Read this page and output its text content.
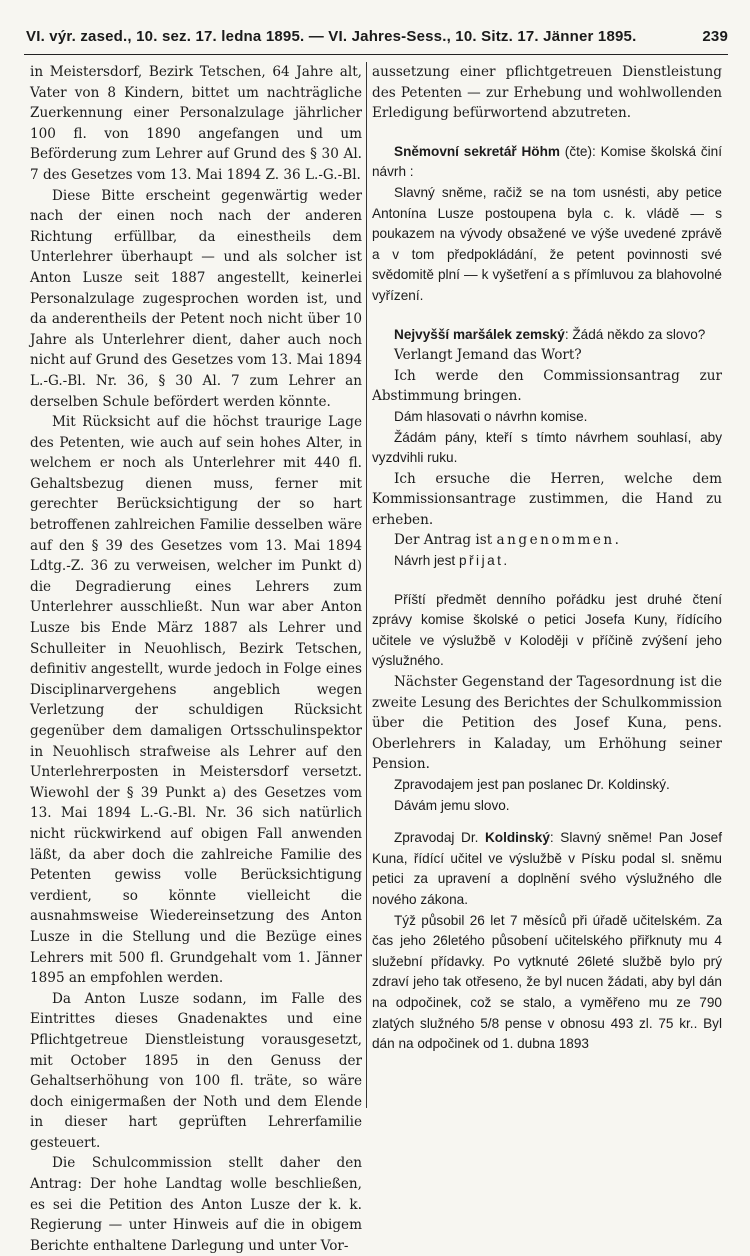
VI. výr. zased., 10. sez. 17. ledna 1895. — VI. Jahres-Sess., 10. Sitz. 17. Jänner 1895.	239

in Meistersdorf, Bezirk Tetschen, 64 Jahre alt, Vater von 8 Kindern, bittet um nachträgliche Zuerkennung einer Personalzulage jährlicher 100 fl. von 1890 angefangen und um Beförderung zum Lehrer auf Grund des § 30 Al. 7 des Gesetzes vom 13. Mai 1894 Z. 36 L.-G.-Bl.

Diese Bitte erscheint gegenwärtig weder nach der einen noch nach der anderen Richtung erfüllbar, da einestheils dem Unterlehrer überhaupt — und als solcher ist Anton Lusze seit 1887 angestellt, keinerlei Personalzulage zugesprochen worden ist, und da anderentheils der Petent noch nicht über 10 Jahre als Unterlehrer dient, daher auch noch nicht auf Grund des Gesetzes vom 13. Mai 1894 L.-G.-Bl. Nr. 36, § 30 Al. 7 zum Lehrer an derselben Schule befördert werden könnte.

Mit Rücksicht auf die höchst traurige Lage des Petenten, wie auch auf sein hohes Alter, in welchem er noch als Unterlehrer mit 440 fl. Gehaltsbezug dienen muss, ferner mit gerechter Berücksichtigung der so hart betroffenen zahlreichen Familie desselben wäre auf den § 39 des Gesetzes vom 13. Mai 1894 Ldtg.-Z. 36 zu verweisen, welcher im Punkt d) die Degradierung eines Lehrers zum Unterlehrer ausschließt. Nun war aber Anton Lusze bis Ende März 1887 als Lehrer und Schulleiter in Neuohlisch, Bezirk Tetschen, definitiv angestellt, wurde jedoch in Folge eines Disciplinarvergehens angeblich wegen Verletzung der schuldigen Rücksicht gegenüber dem damaligen Ortsschulinspektor in Neuohlisch strafweise als Lehrer auf den Unterlehrerposten in Meistersdorf versetzt. Wiewohl der § 39 Punkt a) des Gesetzes vom 13. Mai 1894 L.-G.-Bl. Nr. 36 sich natürlich nicht rückwirkend auf obigen Fall anwenden läßt, da aber doch die zahlreiche Familie des Petenten gewiss volle Berücksichtigung verdient, so könnte vielleicht die ausnahmsweise Wiedereinsetzung des Anton Lusze in die Stellung und die Bezüge eines Lehrers mit 500 fl. Grundgehalt vom 1. Jänner 1895 an empfohlen werden.

Da Anton Lusze sodann, im Falle des Eintrittes dieses Gnadenaktes und eine Pflichtgetreue Dienstleistung vorausgesetzt, mit October 1895 in den Genuss der Gehaltserhöhung von 100 fl. träte, so wäre doch einigermaßen der Noth und dem Elende in dieser hart geprüften Lehrerfamilie gesteuert.

Die Schulcommission stellt daher den Antrag: Der hohe Landtag wolle beschließen, es sei die Petition des Anton Lusze der k. k. Regierung — unter Hinweis auf die in obigem Berichte enthaltene Darlegung und unter Vor-

aussetzung einer pflichtgetreuen Dienstleistung des Petenten — zur Erhebung und wohlwollenden Erledigung befürwortend abzutreten.

Sněmovní sekretář Höhm (čte): Komise školská činí návrh :

Slavný sněme, račiž se na tom usnésti, aby petice Antonína Lusze postoupena byla c. k. vládě — s poukazem na vývody obsažené ve výše uvedené zprávě a v tom předpokládání, že petent povinnosti své svědomitě plní — k vyšetření a s přímluvou za blahovolné vyřízení.

Nejvyšší maršálek zemský: Žádá někdo za slovo?

Verlangt Jemand das Wort?

Ich werde den Commissionsantrag zur Abstimmung bringen.

Dám hlasovati o návrhn komise.

Žádám pány, kteří s tímto návrhem souhlasí, aby vyzdvihli ruku.

Ich ersuche die Herren, welche dem Kommissionsantrage zustimmen, die Hand zu erheben.

Der Antrag ist angenommen.

Návrh jest přijat.

Příští předmět denního pořádku jest druhé čtení zprávy komise školské o petici Josefa Kuny, řídícího učitele ve výslužbě v Koloději v příčině zvýšení jeho výslužného.

Nächster Gegenstand der Tagesordnung ist die zweite Lesung des Berichtes der Schulkommission über die Petition des Josef Kuna, pens. Oberlehrers in Kaladay, um Erhöhung seiner Pension.

Zpravodajem jest pan poslanec Dr. Koldinský.

Dávám jemu slovo.

Zpravodaj Dr. Koldinský: Slavný sněme! Pan Josef Kuna, řídící učitel ve výslužbě v Písku podal sl. sněmu petici za upravení a doplnění svého výslužného dle nového zákona.

Týž působil 26 let 7 měsíců při úřadě učitelském. Za čas jeho 26letého působení učitelského přiřknuty mu 4 služební přídavky. Po vytknuté 26leté službě bylo prý zdraví jeho tak otřeseno, že byl nucen žádati, aby byl dán na odpočinek, což se stalo, a vyměřeno mu ze 790 zlatých služného 5/8 pense v obnosu 493 zl. 75 kr.. Byl dán na odpočinek od 1. dubna 1893
